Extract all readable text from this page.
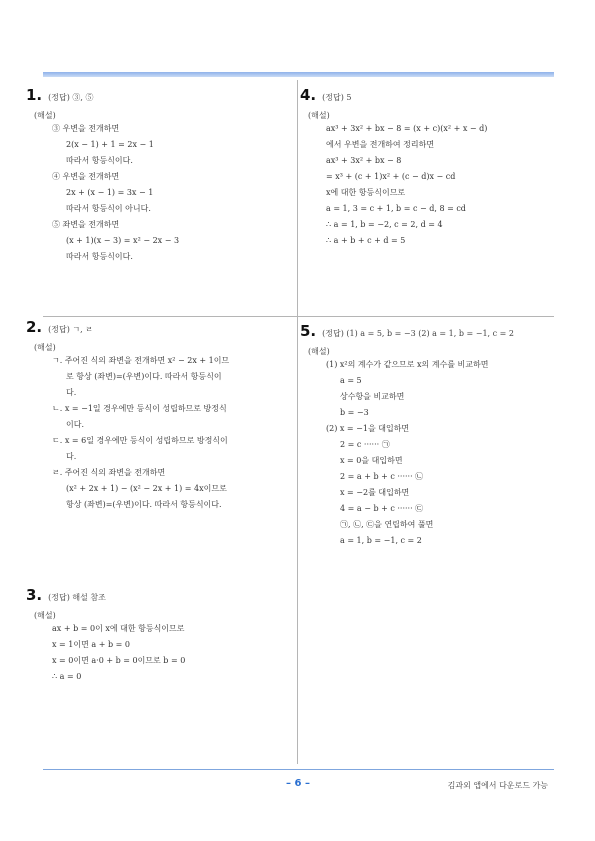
1. (정답) ③, ⑤
(해설)
③ 우변을 전개하면
2(x − 1) + 1 = 2x − 1
따라서 항등식이다.
④ 우변을 전개하면
2x + (x − 1) = 3x − 1
따라서 항등식이 아니다.
⑤ 좌변을 전개하면
(x + 1)(x − 3) = x² − 2x − 3
따라서 항등식이다.
2. (정답) ㄱ, ㄹ
(해설)
ㄱ. 주어진 식의 좌변을 전개하면 x² − 2x + 1이므
로 항상 (좌변)=(우변)이다. 따라서 항등식이
다.
ㄴ. x = −1일 경우에만 등식이 성립하므로 방정식
이다.
ㄷ. x = 6일 경우에만 등식이 성립하므로 방정식이
다.
ㄹ. 주어진 식의 좌변을 전개하면
(x² + 2x + 1) − (x² − 2x + 1) = 4x이므로
항상 (좌변)=(우변)이다. 따라서 항등식이다.
3. (정답) 해설 참조
(해설)
ax + b = 0이 x에 대한 항등식이므로
x = 1이면 a + b = 0
x = 0이면 a·0 + b = 0이므로 b = 0
∴ a = 0
4. (정답) 5
(해설)
ax³ + 3x² + bx − 8 = (x + c)(x² + x − d)
에서 우변을 전개하여 정리하면
ax³ + 3x² + bx − 8
= x³ + (c + 1)x² + (c − d)x − cd
x에 대한 항등식이므로
a = 1, 3 = c + 1, b = c − d, 8 = cd
∴ a = 1, b = −2, c = 2, d = 4
∴ a + b + c + d = 5
5. (정답) (1) a = 5, b = −3 (2) a = 1, b = −1, c = 2
(해설)
(1) x²의 계수가 같으므로 x의 계수를 비교하면
a = 5
상수항을 비교하면
b = −3
(2) x = −1을 대입하면
2 = c ······ ㉠
x = 0을 대입하면
2 = a + b + c ······ ㉡
x = −2를 대입하면
4 = a − b + c ······ ㉢
㉠, ㉡, ㉢을 연립하여 풀면
a = 1, b = −1, c = 2
– 6 –	김과외 앱에서 다운로드 가능
